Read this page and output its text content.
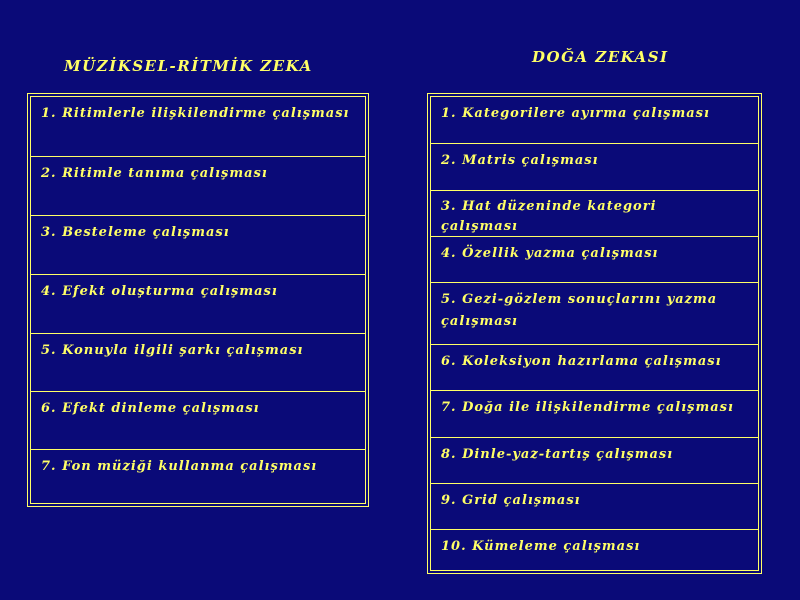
MÜZİKSEL-RİTMİK ZEKA	DOĞA ZEKASI
1. Ritimlerle ilişkilendirme çalışması
2. Ritimle tanıma çalışması
3. Besteleme çalışması
4. Efekt oluşturma çalışması
5. Konuyla ilgili şarkı çalışması
6. Efekt dinleme çalışması
7. Fon müziği kullanma çalışması
1. Kategorilere ayırma çalışması
2. Matris çalışması
3. Hat düzeninde kategori
çalışması
4. Özellik yazma çalışması
5. Gezi-gözlem sonuçlarını yazma
çalışması
6. Koleksiyon hazırlama çalışması
7. Doğa ile ilişkilendirme çalışması
8. Dinle-yaz-tartış çalışması
9. Grid çalışması
10. Kümeleme çalışması
